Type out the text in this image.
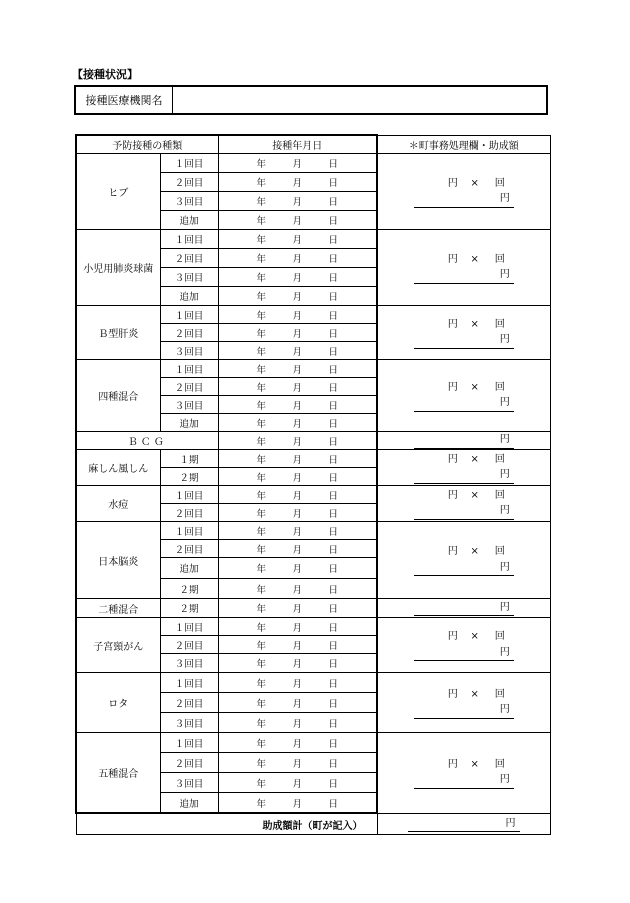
【接種状況】
接種医療機関名
予防接種の種類		接種年月日	＊町事務処理欄・助成額
ヒブ	１回目	年 月 日	円 × 回
円

	２回目	年 月 日	
	３回目	年 月 日	
	追加	年 月 日	
小児用肺炎球菌	１回目	年 月 日	円 × 回
円

	２回目	年 月 日	
	３回目	年 月 日	
	追加	年 月 日	
Ｂ型肝炎	１回目	年 月 日	円 × 回
円

	２回目	年 月 日	
	３回目	年 月 日	
四種混合	１回目	年 月 日	円 × 回
円

	２回目	年 月 日	
	３回目	年 月 日	
	追加	年 月 日	
ＢＣＧ		年 月 日	円

麻しん風しん	１期	年 月 日	円 × 回
円

	２期	年 月 日	
水痘	１回目	年 月 日	円 × 回
円

	２回目	年 月 日	
日本脳炎	１回目	年 月 日	円 × 回
円

	２回目	年 月 日	
	追加	年 月 日	
	２期	年 月 日	
二種混合	２期	年 月 日	円

子宮頸がん	１回目	年 月 日	円 × 回
円

	２回目	年 月 日	
	３回目	年 月 日	
ロタ	１回目	年 月 日	円 × 回
円

	２回目	年 月 日	
	３回目	年 月 日	
五種混合	１回目	年 月 日	円 × 回
円

	２回目	年 月 日	
	３回目	年 月 日	
	追加	年 月 日	
助成額計（町が記入）			円
